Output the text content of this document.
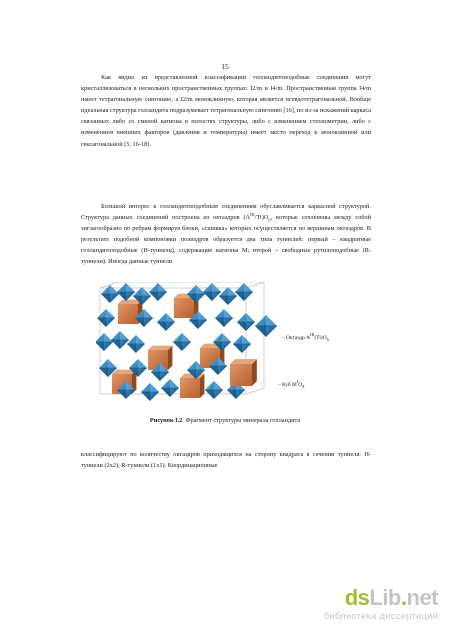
15

Как видно из представленной классификации голландитоподобные соединения могут кристаллизоваться в нескольких пространственных группах: I2/m и I4/m. Пространственная группа I4/m имеет тетрагональную сингонию, а I2/m моноклинную, которая является псевдотетрагональной. Вообще идеальная структура голландита подразумевает тетрагональную сингонию [16], но из-за искажений каркаса связанных либо со сменой катиона в полостях структуры, либо с изменением стехиометрии, либо с изменением внешних факторов (давления и температуры) имеет место переход к моноклинной или гексагональной [5, 16-18].

Большой интерес к голландитоподобным соединениям обуславливается каркасной структурой. Структура данных соединений построена из октаэдров $(A^{III}/Ti)O_6$, которые сочленены между собой зигзагообразно по ребрам формируя блоки, «сшивка» которых осуществляется по вершинам октаэдров. В результате подобной компоновки полиэдров образуется два типа туннелей: первый – квадратные голландитоподобные (H-туннели), содержащие катионы M; второй – свободные рутилоподобные (R-туннели). Иногда данные туннели

– Октаэдр $A^{III}(Ti)O_6$
– Куб $M^IO_8$
Рисунок I.2. Фрагмент структуры минерала голландита

классифицируют по количеству октаэдров приходящихся на сторону квадрата в сечении туннеля: H-туннели (2x2), R-туннели (1x1). Координационные

dsLib.net
библиотека диссертаций
